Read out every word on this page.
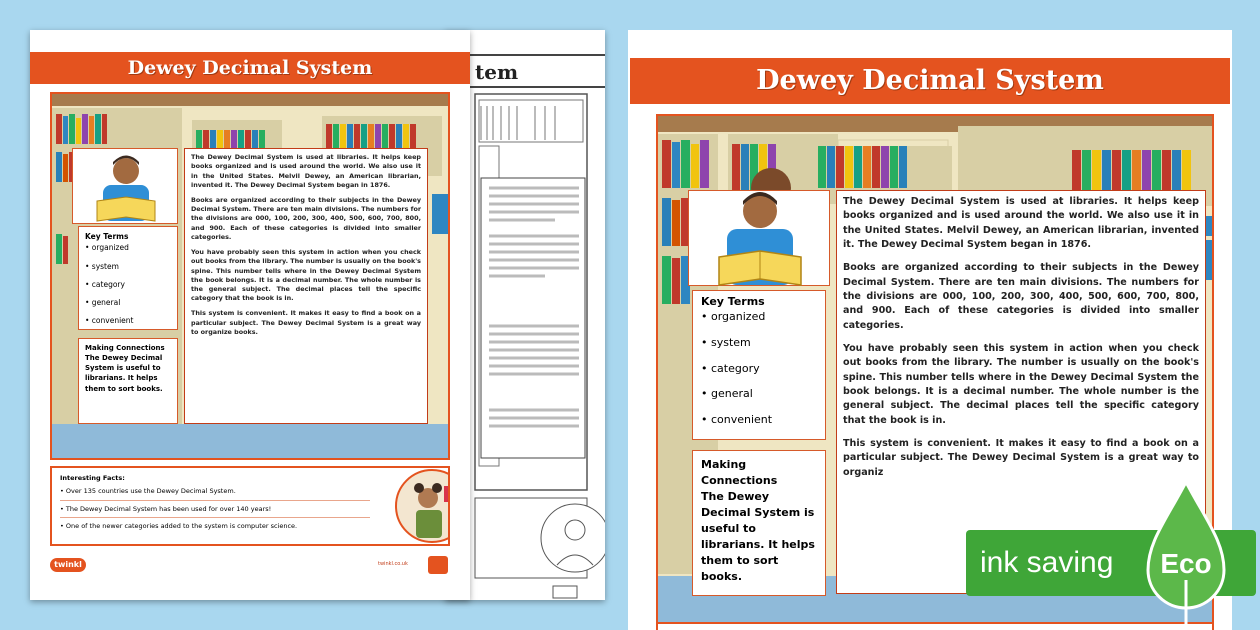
tem
Dewey Decimal System
Key Terms
• organized
• system
• category
• general
• convenient
Making Connections
The Dewey Decimal System is useful to librarians. It helps them to sort books.

The Dewey Decimal System is used at libraries. It helps keep books organized and is used around the world. We also use it in the United States. Melvil Dewey, an American librarian, invented it. The Dewey Decimal System began in 1876.

Books are organized according to their subjects in the Dewey Decimal System. There are ten main divisions. The numbers for the divisions are 000, 100, 200, 300, 400, 500, 600, 700, 800, and 900. Each of these categories is divided into smaller categories.

You have probably seen this system in action when you check out books from the library. The number is usually on the book's spine. This number tells where in the Dewey Decimal System the book belongs. It is a decimal number. The whole number is the general subject. The decimal places tell the specific category that the book is in.

This system is convenient. It makes it easy to find a book on a particular subject. The Dewey Decimal System is a great way to organize books.

Interesting Facts:
• Over 135 countries use the Dewey Decimal System.
• The Dewey Decimal System has been used for over 140 years!
• One of the newer categories added to the system is computer science.
twinkl	twinkl.co.uk
Dewey Decimal System
Key Terms
• organized
• system
• category
• general
• convenient
Making Connections
The Dewey Decimal System is useful to librarians. It helps them to sort books.

The Dewey Decimal System is used at libraries. It helps keep books organized and is used around the world. We also use it in the United States. Melvil Dewey, an American librarian, invented it. The Dewey Decimal System began in 1876.

Books are organized according to their subjects in the Dewey Decimal System. There are ten main divisions. The numbers for the divisions are 000, 100, 200, 300, 400, 500, 600, 700, 800, and 900. Each of these categories is divided into smaller categories.

You have probably seen this system in action when you check out books from the library. The number is usually on the book's spine. This number tells where in the Dewey Decimal System the book belongs. It is a decimal number. The whole number is the general subject. The decimal places tell the specific category that the book is in.

This system is convenient. It makes it easy to find a book on a particular subject. The Dewey Decimal System is a great way to organiz

ink saving Eco
